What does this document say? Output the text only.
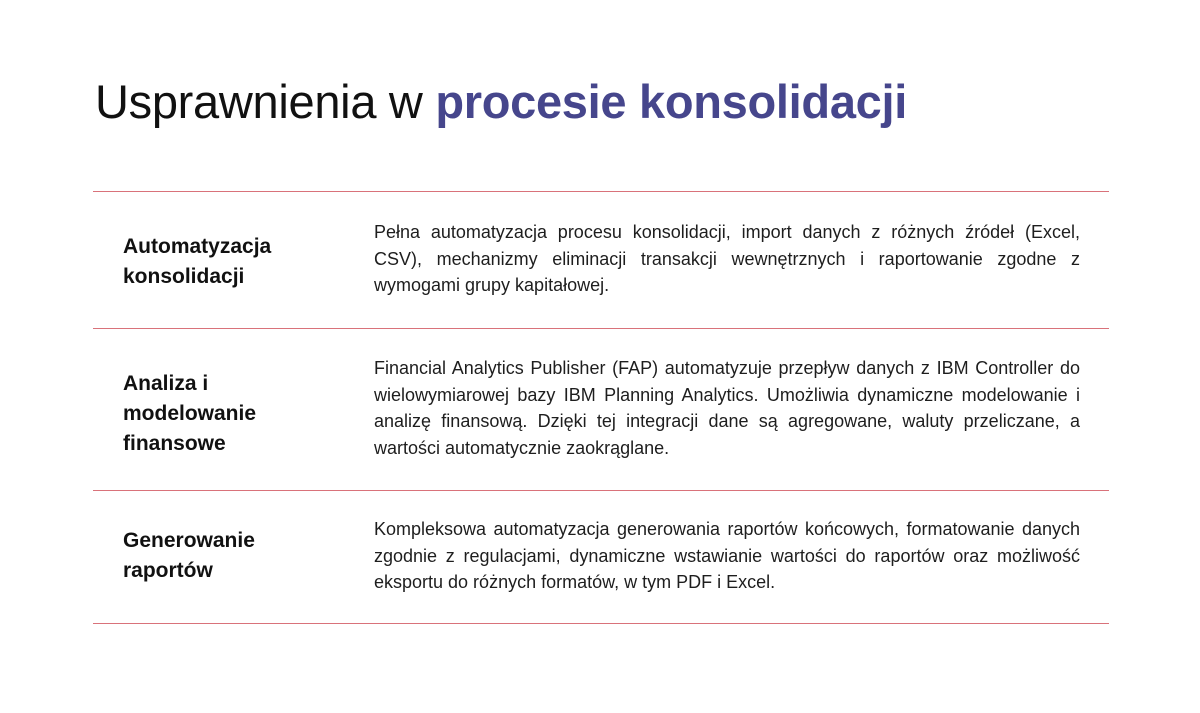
Usprawnienia w procesie konsolidacji

Automatyzacja konsolidacji

Pełna automatyzacja procesu konsolidacji, import danych z różnych źródeł (Excel, CSV), mechanizmy eliminacji transakcji wewnętrznych i raportowanie zgodne z wymogami grupy kapitałowej.

Analiza i modelowanie finansowe

Financial Analytics Publisher (FAP) automatyzuje przepływ danych z IBM Controller do wielowymiarowej bazy IBM Planning Analytics. Umożliwia dynamiczne modelowanie i analizę finansową. Dzięki tej integracji dane są agregowane, waluty przeliczane, a wartości automatycznie zaokrąglane.

Generowanie raportów

Kompleksowa automatyzacja generowania raportów końcowych, formatowanie danych zgodnie z regulacjami, dynamiczne wstawianie wartości do raportów oraz możliwość eksportu do różnych formatów, w tym PDF i Excel.
